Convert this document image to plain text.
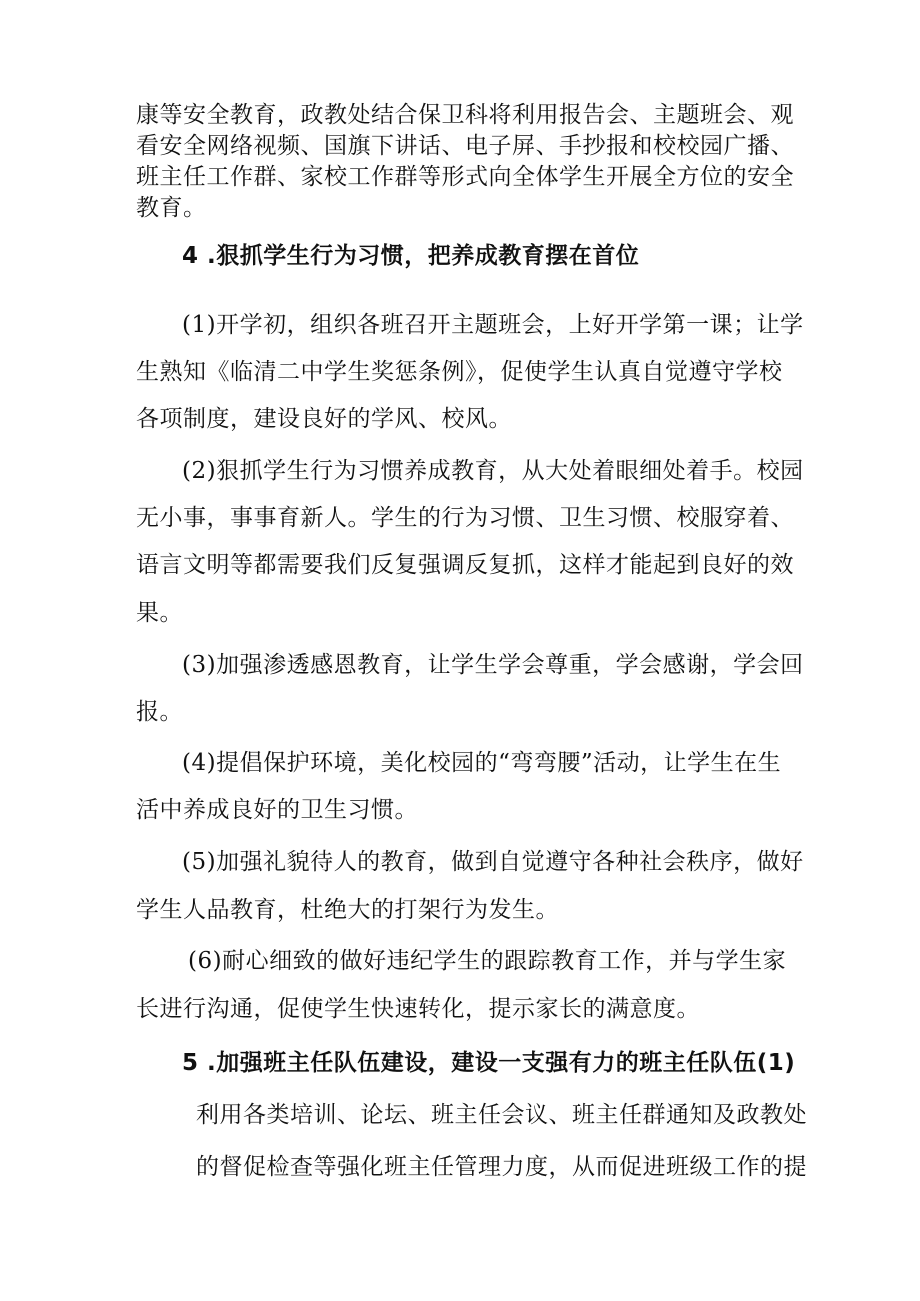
康等安全教育，政教处结合保卫科将利用报告会、主题班会、观
看安全网络视频、国旗下讲话、电子屏、手抄报和校校园广播、
班主任工作群、家校工作群等形式向全体学生开展全方位的安全
教育。
4 .狠抓学生行为习惯，把养成教育摆在首位
(1)开学初，组织各班召开主题班会，上好开学第一课；让学
生熟知《临清二中学生奖惩条例》，促使学生认真自觉遵守学校
各项制度，建设良好的学风、校风。
(2)狠抓学生行为习惯养成教育，从大处着眼细处着手。校园
无小事，事事育新人。学生的行为习惯、卫生习惯、校服穿着、
语言文明等都需要我们反复强调反复抓，这样才能起到良好的效
果。
(3)加强渗透感恩教育，让学生学会尊重，学会感谢，学会回
报。
(4)提倡保护环境，美化校园的“弯弯腰”活动，让学生在生
活中养成良好的卫生习惯。
(5)加强礼貌待人的教育，做到自觉遵守各种社会秩序，做好
学生人品教育，杜绝大的打架行为发生。
(6)耐心细致的做好违纪学生的跟踪教育工作，并与学生家
长进行沟通，促使学生快速转化，提示家长的满意度。
5 .加强班主任队伍建设，建设一支强有力的班主任队伍(1)
利用各类培训、论坛、班主任会议、班主任群通知及政教处
的督促检查等强化班主任管理力度，从而促进班级工作的提
